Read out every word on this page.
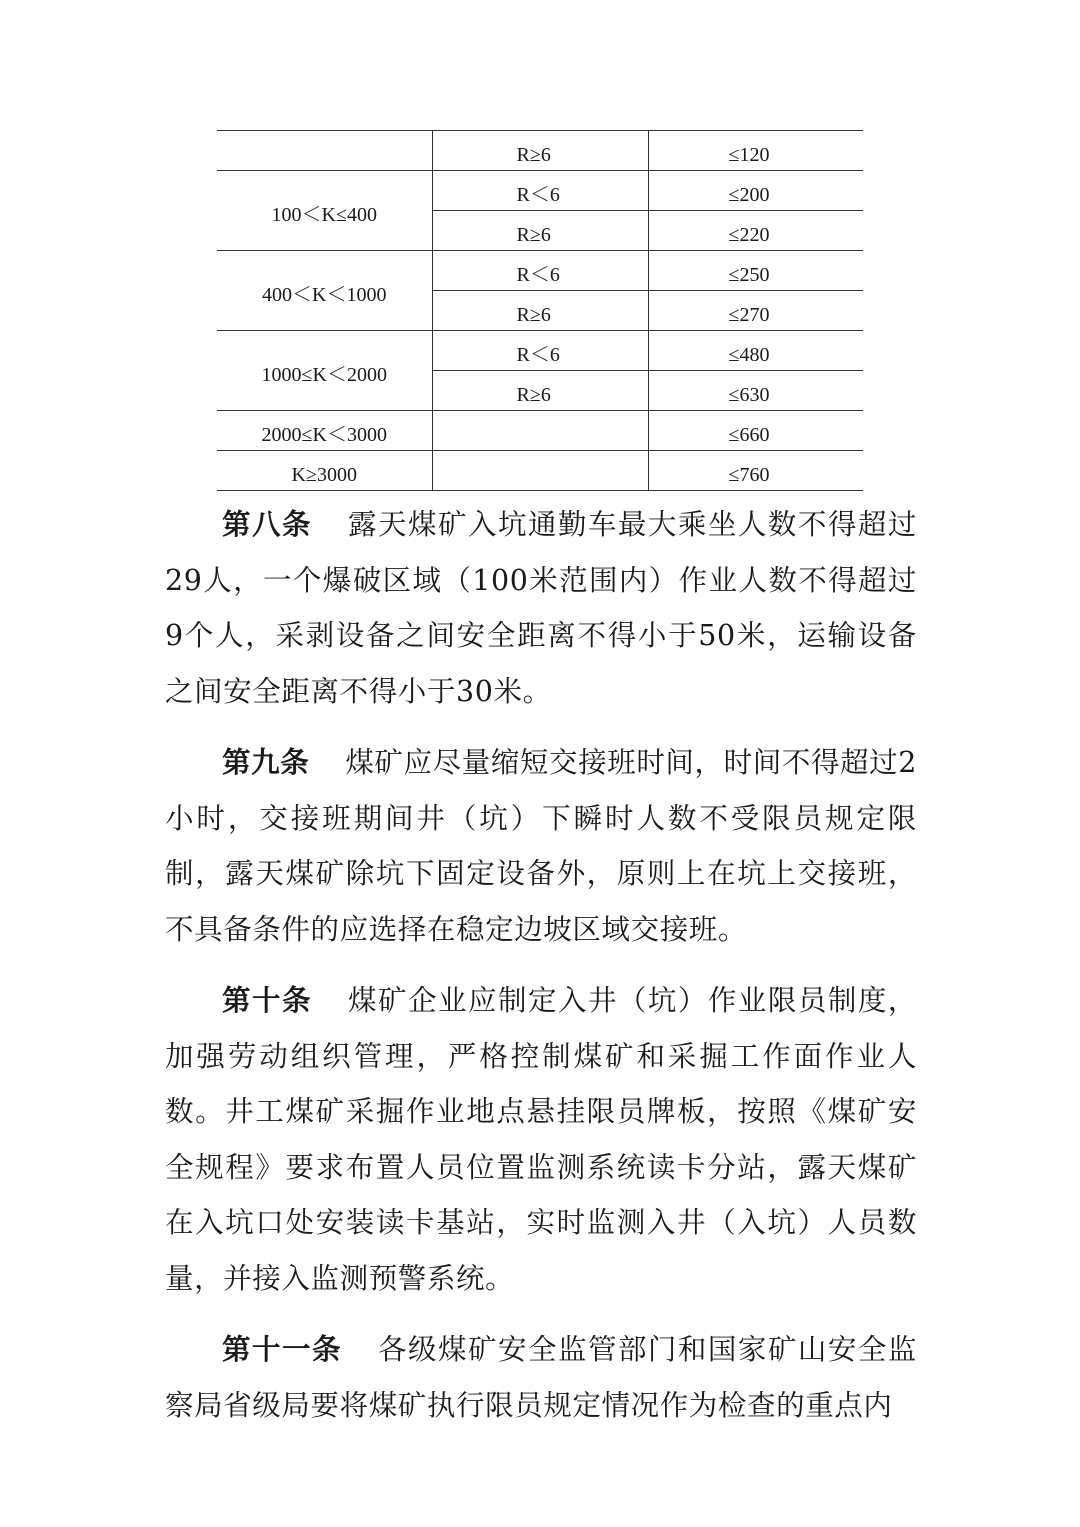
	R≥6	≤120
100＜K≤400	R＜6	≤200
	R≥6	≤220
400＜K＜1000	R＜6	≤250
	R≥6	≤270
1000≤K＜2000	R＜6	≤480
	R≥6	≤630
2000≤K＜3000		≤660
K≥3000		≤760

第八条 露天煤矿入坑通勤车最大乘坐人数不得超过29人，一个爆破区域（100米范围内）作业人数不得超过9个人，采剥设备之间安全距离不得小于50米，运输设备之间安全距离不得小于30米。

第九条 煤矿应尽量缩短交接班时间，时间不得超过2小时，交接班期间井（坑）下瞬时人数不受限员规定限制，露天煤矿除坑下固定设备外，原则上在坑上交接班，不具备条件的应选择在稳定边坡区域交接班。

第十条 煤矿企业应制定入井（坑）作业限员制度，加强劳动组织管理，严格控制煤矿和采掘工作面作业人数。井工煤矿采掘作业地点悬挂限员牌板，按照《煤矿安全规程》要求布置人员位置监测系统读卡分站，露天煤矿在入坑口处安装读卡基站，实时监测入井（入坑）人员数量，并接入监测预警系统。

第十一条 各级煤矿安全监管部门和国家矿山安全监察局省级局要将煤矿执行限员规定情况作为检查的重点内
